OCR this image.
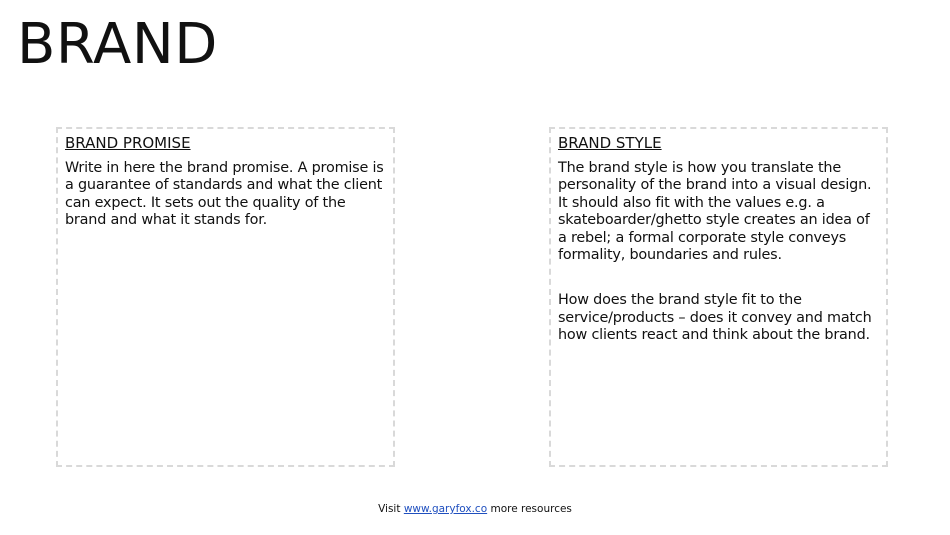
BRAND
BRAND PROMISE

Write in here the brand promise. A promise is a guarantee of standards and what the client can expect. It sets out the quality of the brand and what it stands for.

BRAND STYLE

The brand style is how you translate the personality of the brand into a visual design. It should also fit with the values e.g. a skateboarder/ghetto style creates an idea of a rebel; a formal corporate style conveys formality, boundaries and rules.

How does the brand style fit to the service/products – does it convey and match how clients react and think about the brand.

Visit www.garyfox.co more resources
